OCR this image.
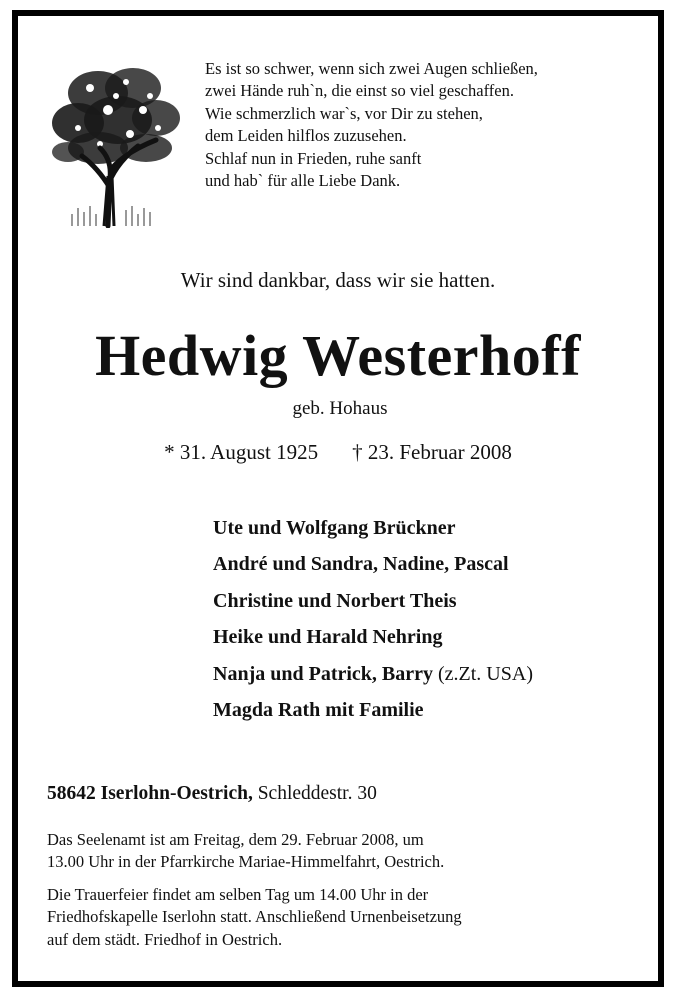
Es ist so schwer, wenn sich zwei Augen schließen,
zwei Hände ruh`n, die einst so viel geschaffen.
Wie schmerzlich war`s, vor Dir zu stehen,
dem Leiden hilflos zuzusehen.
Schlaf nun in Frieden, ruhe sanft
und hab` für alle Liebe Dank.
Wir sind dankbar, dass wir sie hatten.
Hedwig Westerhoff
geb. Hohaus
* 31. August 1925 † 23. Februar 2008
Ute und Wolfgang Brückner
André und Sandra, Nadine, Pascal
Christine und Norbert Theis
Heike und Harald Nehring
Nanja und Patrick, Barry (z.Zt. USA)
Magda Rath mit Familie
58642 Iserlohn-Oestrich, Schleddestr. 30
Das Seelenamt ist am Freitag, dem 29. Februar 2008, um
13.00 Uhr in der Pfarrkirche Mariae-Himmelfahrt, Oestrich.
Die Trauerfeier findet am selben Tag um 14.00 Uhr in der
Friedhofskapelle Iserlohn statt. Anschließend Urnenbeisetzung
auf dem städt. Friedhof in Oestrich.
